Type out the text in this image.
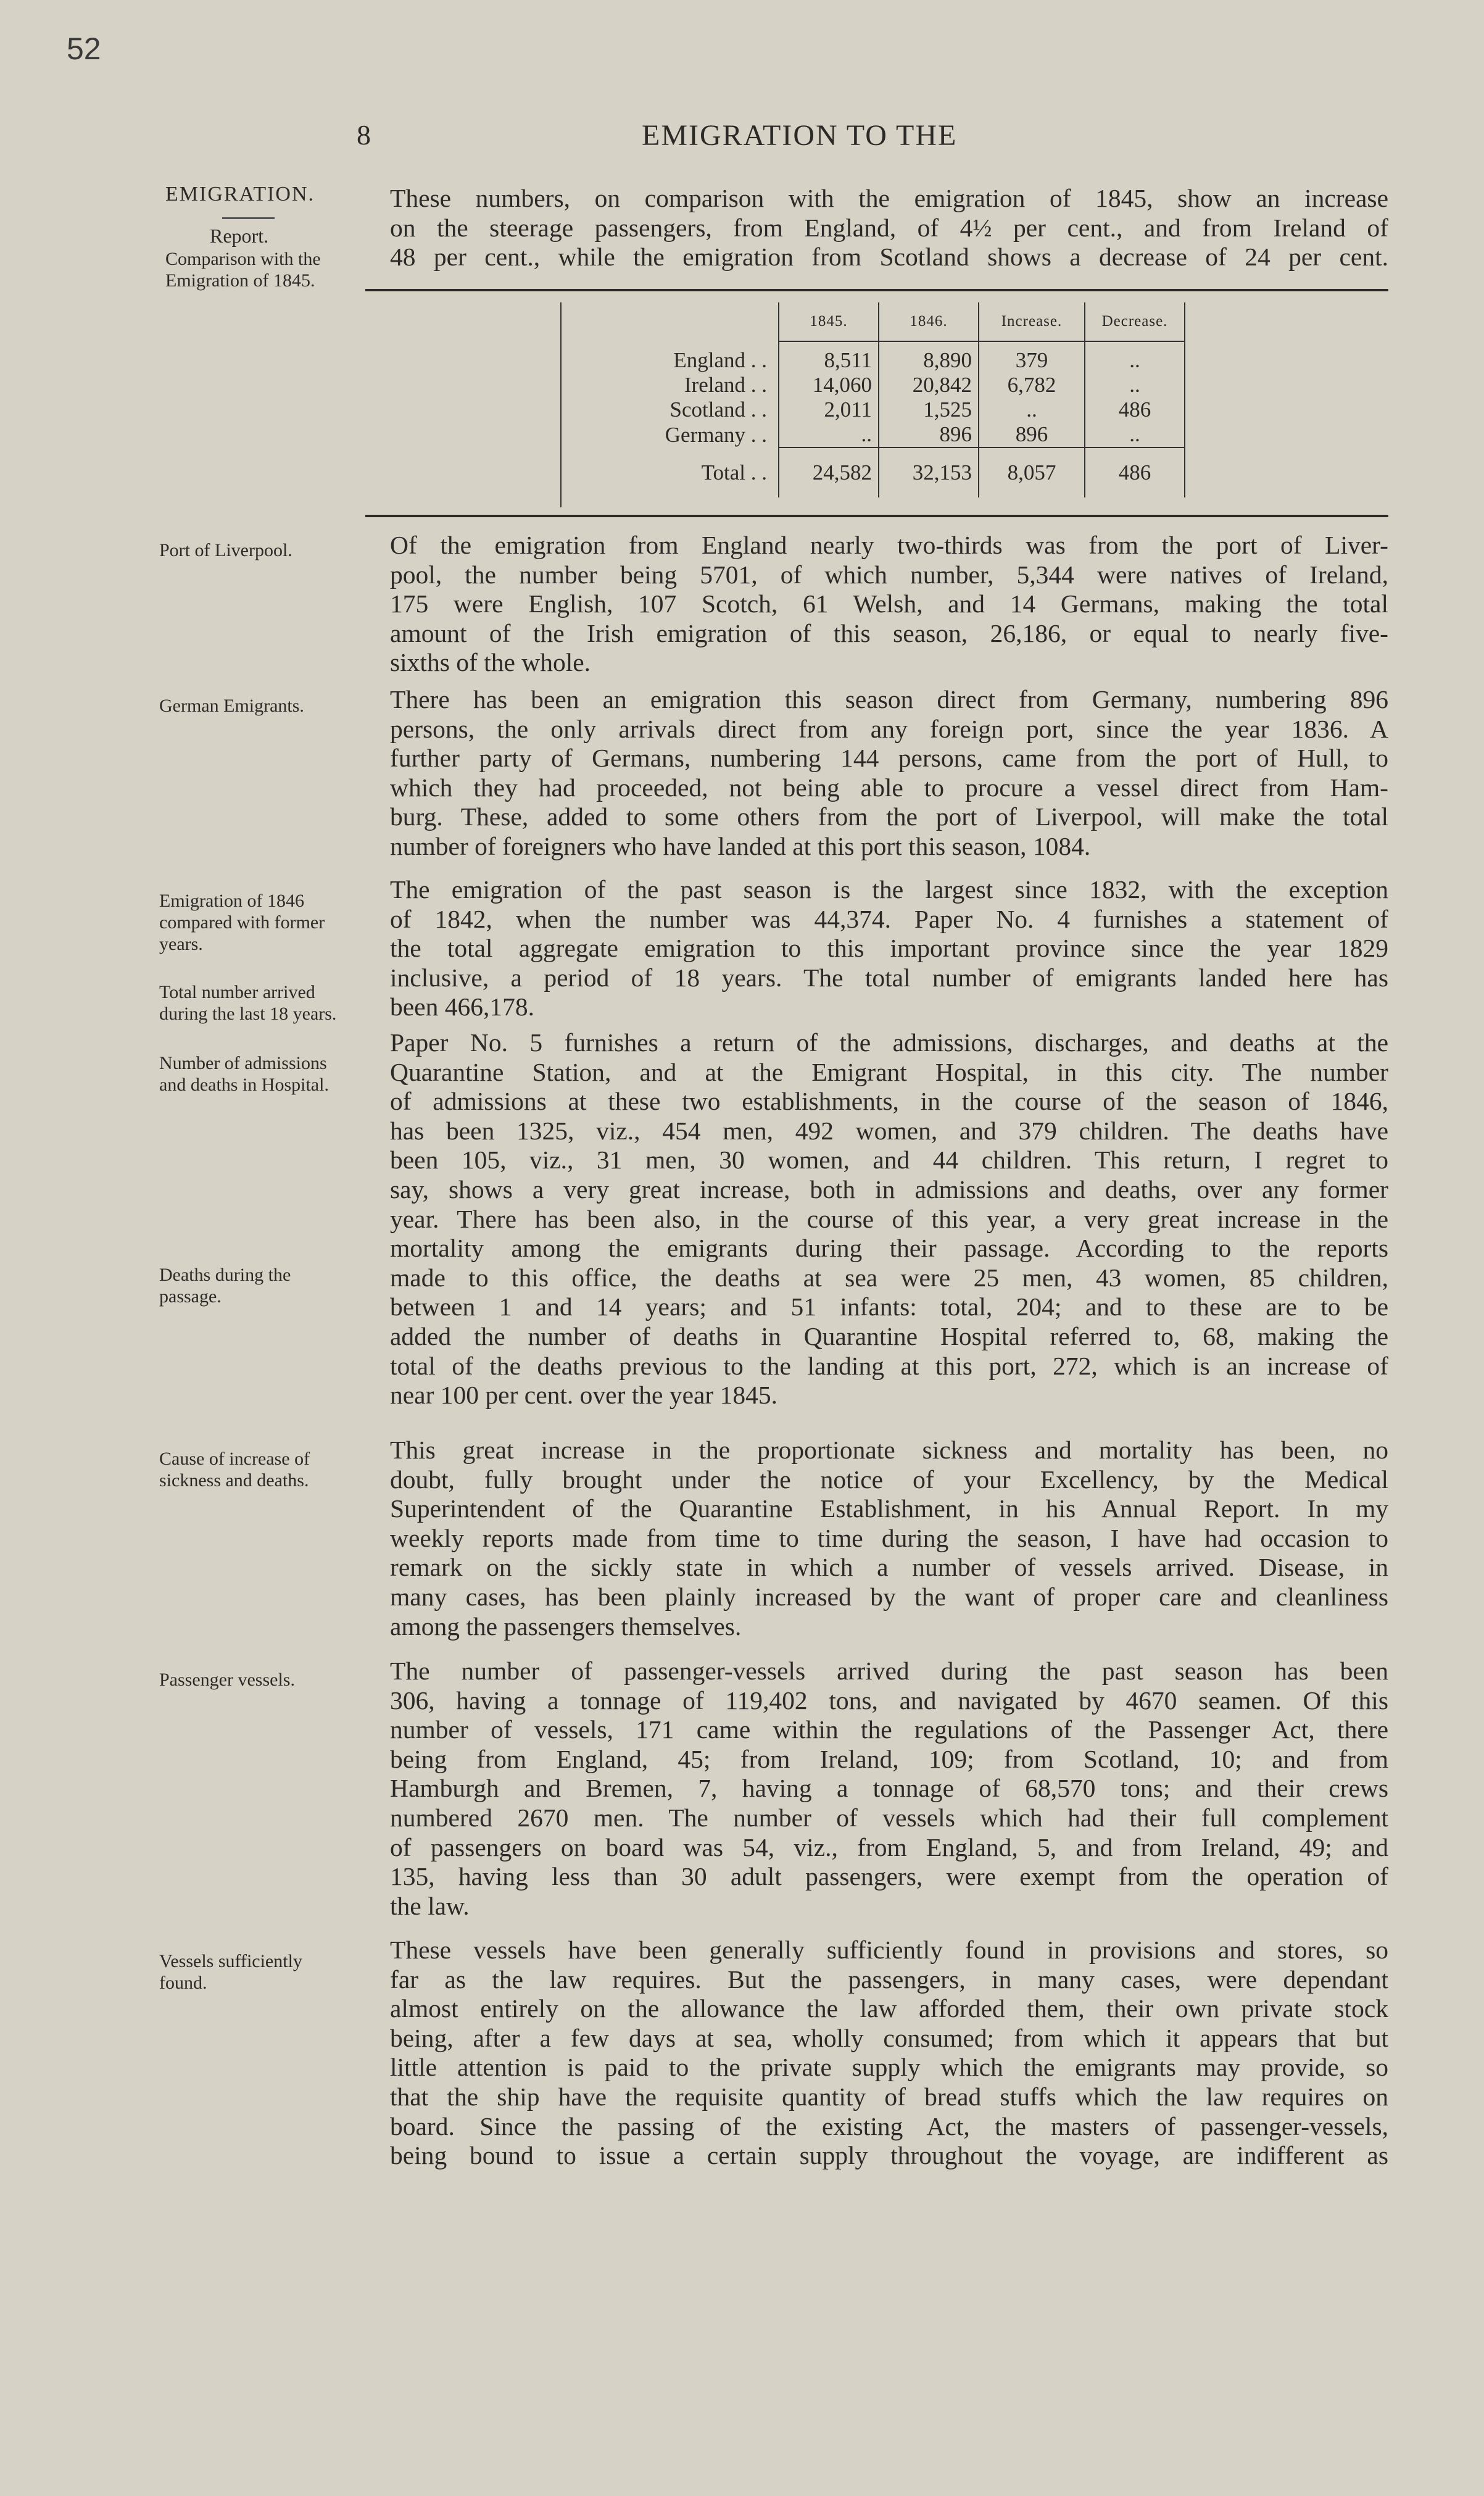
52
8	EMIGRATION TO THE
EMIGRATION.
Report.
Comparison with the Emigration of 1845.
Port of Liverpool.
German Emigrants.
Emigration of 1846 compared with former years.
Total number arrived during the last 18 years.
Number of admissions and deaths in Hospital.
Deaths during the passage.
Cause of increase of sickness and deaths.
Passenger vessels.
Vessels sufficiently found.
These numbers, on comparison with the emigration of 1845, show an increase
on the steerage passengers, from England, of 4½ per cent., and from Ireland of
48 per cent., while the emigration from Scotland shows a decrease of 24 per cent.
	1845.	1846.	Increase.	Decrease.

England . .	8,511	8,890	379	..
Ireland . .	14,060	20,842	6,782	..
Scotland . .	2,011	1,525	..	486
Germany . .	..	896	896	..
Total . .	24,582	32,153	8,057	486
Of the emigration from England nearly two-thirds was from the port of Liver-
pool, the number being 5701, of which number, 5,344 were natives of Ireland,
175 were English, 107 Scotch, 61 Welsh, and 14 Germans, making the total
amount of the Irish emigration of this season, 26,186, or equal to nearly five-
sixths of the whole.
There has been an emigration this season direct from Germany, numbering 896
persons, the only arrivals direct from any foreign port, since the year 1836. A
further party of Germans, numbering 144 persons, came from the port of Hull, to
which they had proceeded, not being able to procure a vessel direct from Ham-
burg. These, added to some others from the port of Liverpool, will make the total
number of foreigners who have landed at this port this season, 1084.
The emigration of the past season is the largest since 1832, with the exception
of 1842, when the number was 44,374. Paper No. 4 furnishes a statement of
the total aggregate emigration to this important province since the year 1829
inclusive, a period of 18 years. The total number of emigrants landed here has
been 466,178.
Paper No. 5 furnishes a return of the admissions, discharges, and deaths at the
Quarantine Station, and at the Emigrant Hospital, in this city. The number
of admissions at these two establishments, in the course of the season of 1846,
has been 1325, viz., 454 men, 492 women, and 379 children. The deaths have
been 105, viz., 31 men, 30 women, and 44 children. This return, I regret to
say, shows a very great increase, both in admissions and deaths, over any former
year. There has been also, in the course of this year, a very great increase in the
mortality among the emigrants during their passage. According to the reports
made to this office, the deaths at sea were 25 men, 43 women, 85 children,
between 1 and 14 years; and 51 infants: total, 204; and to these are to be
added the number of deaths in Quarantine Hospital referred to, 68, making the
total of the deaths previous to the landing at this port, 272, which is an increase of
near 100 per cent. over the year 1845.
This great increase in the proportionate sickness and mortality has been, no
doubt, fully brought under the notice of your Excellency, by the Medical
Superintendent of the Quarantine Establishment, in his Annual Report. In my
weekly reports made from time to time during the season, I have had occasion to
remark on the sickly state in which a number of vessels arrived. Disease, in
many cases, has been plainly increased by the want of proper care and cleanliness
among the passengers themselves.
The number of passenger-vessels arrived during the past season has been
306, having a tonnage of 119,402 tons, and navigated by 4670 seamen. Of this
number of vessels, 171 came within the regulations of the Passenger Act, there
being from England, 45; from Ireland, 109; from Scotland, 10; and from
Hamburgh and Bremen, 7, having a tonnage of 68,570 tons; and their crews
numbered 2670 men. The number of vessels which had their full complement
of passengers on board was 54, viz., from England, 5, and from Ireland, 49; and
135, having less than 30 adult passengers, were exempt from the operation of
the law.
These vessels have been generally sufficiently found in provisions and stores, so
far as the law requires. But the passengers, in many cases, were dependant
almost entirely on the allowance the law afforded them, their own private stock
being, after a few days at sea, wholly consumed; from which it appears that but
little attention is paid to the private supply which the emigrants may provide, so
that the ship have the requisite quantity of bread stuffs which the law requires on
board. Since the passing of the existing Act, the masters of passenger-vessels,
being bound to issue a certain supply throughout the voyage, are indifferent as
